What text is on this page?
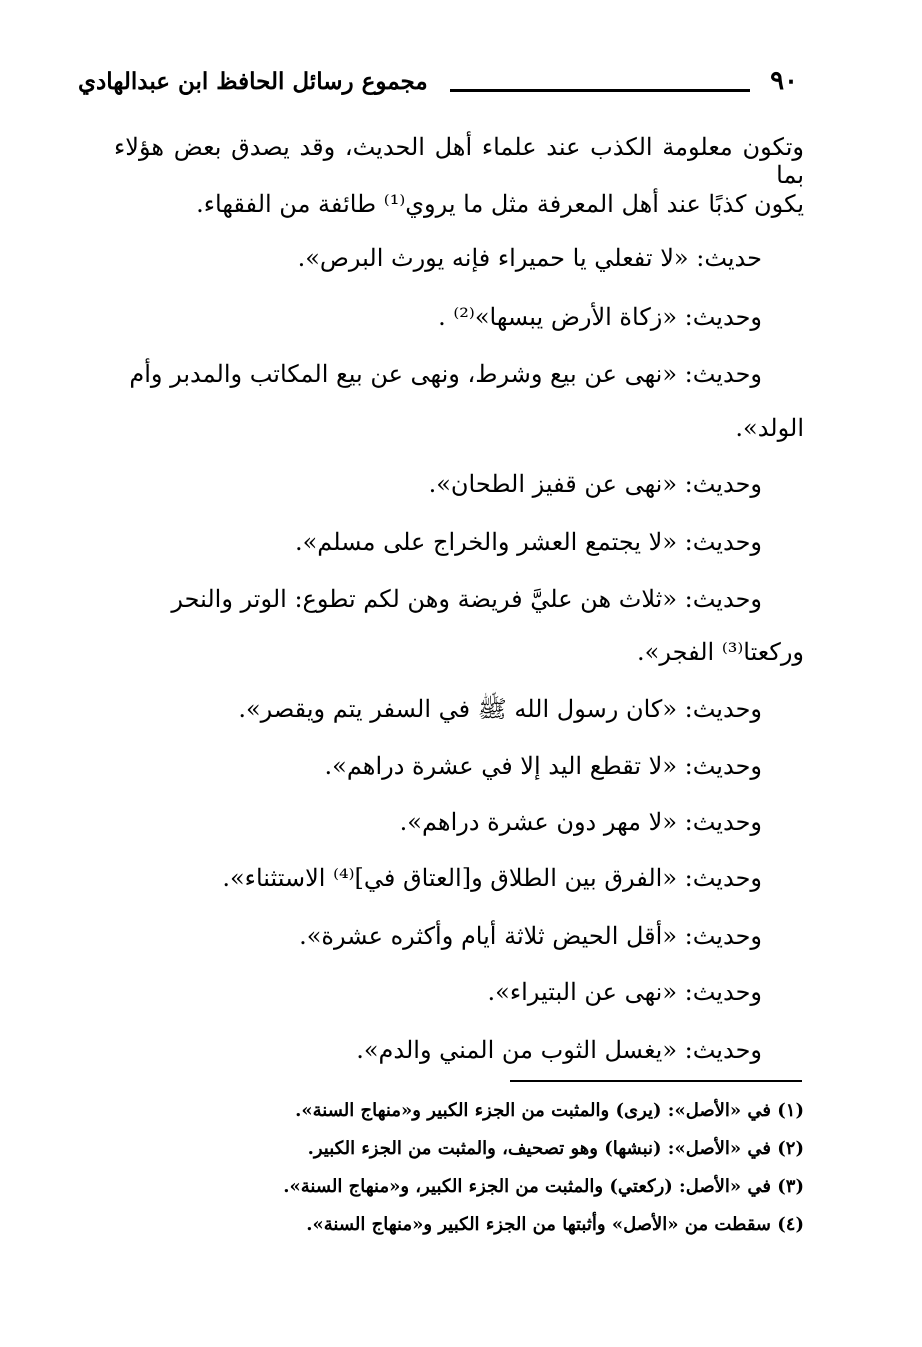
٩٠
مجموع رسائل الحافظ ابن عبدالهادي
وتكون معلومة الكذب عند علماء أهل الحديث، وقد يصدق بعض هؤلاء بما
يكون كذبًا عند أهل المعرفة مثل ما يروي⁽¹⁾ طائفة من الفقهاء.
حديث: «لا تفعلي يا حميراء فإنه يورث البرص».
وحديث: «زكاة الأرض يبسها»⁽²⁾ .
وحديث: «نهى عن بيع وشرط، ونهى عن بيع المكاتب والمدبر وأم
الولد».
وحديث: «نهى عن قفيز الطحان».
وحديث: «لا يجتمع العشر والخراج على مسلم».
وحديث: «ثلاث هن عليَّ فريضة وهن لكم تطوع: الوتر والنحر
وركعتا⁽³⁾ الفجر».
وحديث: «كان رسول الله ﷺ في السفر يتم ويقصر».
وحديث: «لا تقطع اليد إلا في عشرة دراهم».
وحديث: «لا مهر دون عشرة دراهم».
وحديث: «الفرق بين الطلاق و[العتاق في]⁽⁴⁾ الاستثناء».
وحديث: «أقل الحيض ثلاثة أيام وأكثره عشرة».
وحديث: «نهى عن البتيراء».
وحديث: «يغسل الثوب من المني والدم».
(١) في «الأصل»: (يرى) والمثبت من الجزء الكبير و«منهاج السنة».
(٢) في «الأصل»: (نبشها) وهو تصحيف، والمثبت من الجزء الكبير.
(٣) في «الأصل: (ركعتي) والمثبت من الجزء الكبير، و«منهاج السنة».
(٤) سقطت من «الأصل» وأثبتها من الجزء الكبير و«منهاج السنة».
